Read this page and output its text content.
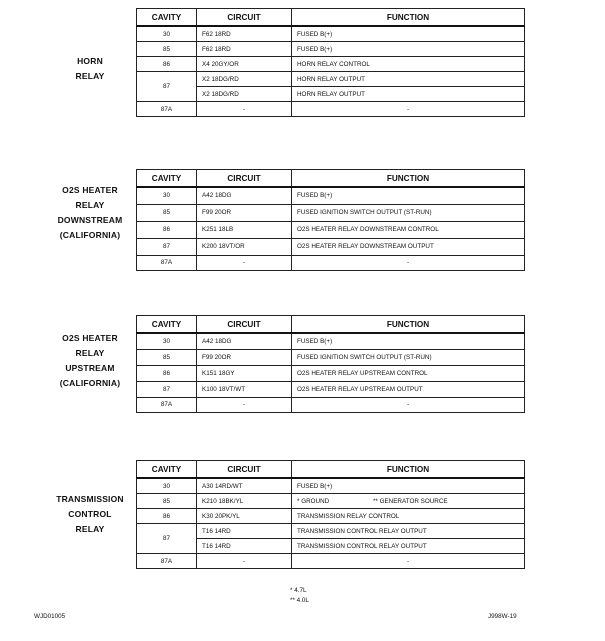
HORN
RELAY
CAVITY	CIRCUIT	FUNCTION
30	F62 18RD	FUSED B(+)
85	F62 18RD	FUSED B(+)
86	X4 20GY/OR	HORN RELAY CONTROL
87	X2 18DG/RD	HORN RELAY OUTPUT
	X2 18DG/RD	HORN RELAY OUTPUT
87A	-	-
O2S HEATER
RELAY
DOWNSTREAM
(CALIFORNIA)
CAVITY	CIRCUIT	FUNCTION
30	A42 18DG	FUSED B(+)
85	F99 20OR	FUSED IGNITION SWITCH OUTPUT (ST-RUN)
86	K251 18LB	O2S HEATER RELAY DOWNSTREAM CONTROL
87	K200 18VT/OR	O2S HEATER RELAY DOWNSTREAM OUTPUT
87A	-	-
O2S HEATER
RELAY
UPSTREAM
(CALIFORNIA)
CAVITY	CIRCUIT	FUNCTION
30	A42 18DG	FUSED B(+)
85	F99 20OR	FUSED IGNITION SWITCH OUTPUT (ST-RUN)
86	K151 18GY	O2S HEATER RELAY UPSTREAM CONTROL
87	K100 18VT/WT	O2S HEATER RELAY UPSTREAM OUTPUT
87A	-	-
TRANSMISSION
CONTROL
RELAY
CAVITY	CIRCUIT	FUNCTION
30	A30 14RD/WT	FUSED B(+)
85	K210 18BK/YL	* GROUND ** GENERATOR SOURCE
86	K30 20PK/YL	TRANSMISSION RELAY CONTROL
87	T16 14RD	TRANSMISSION CONTROL RELAY OUTPUT
	T16 14RD	TRANSMISSION CONTROL RELAY OUTPUT
87A	-	-
* 4.7L
** 4.0L
WJD01005	J998W-19
